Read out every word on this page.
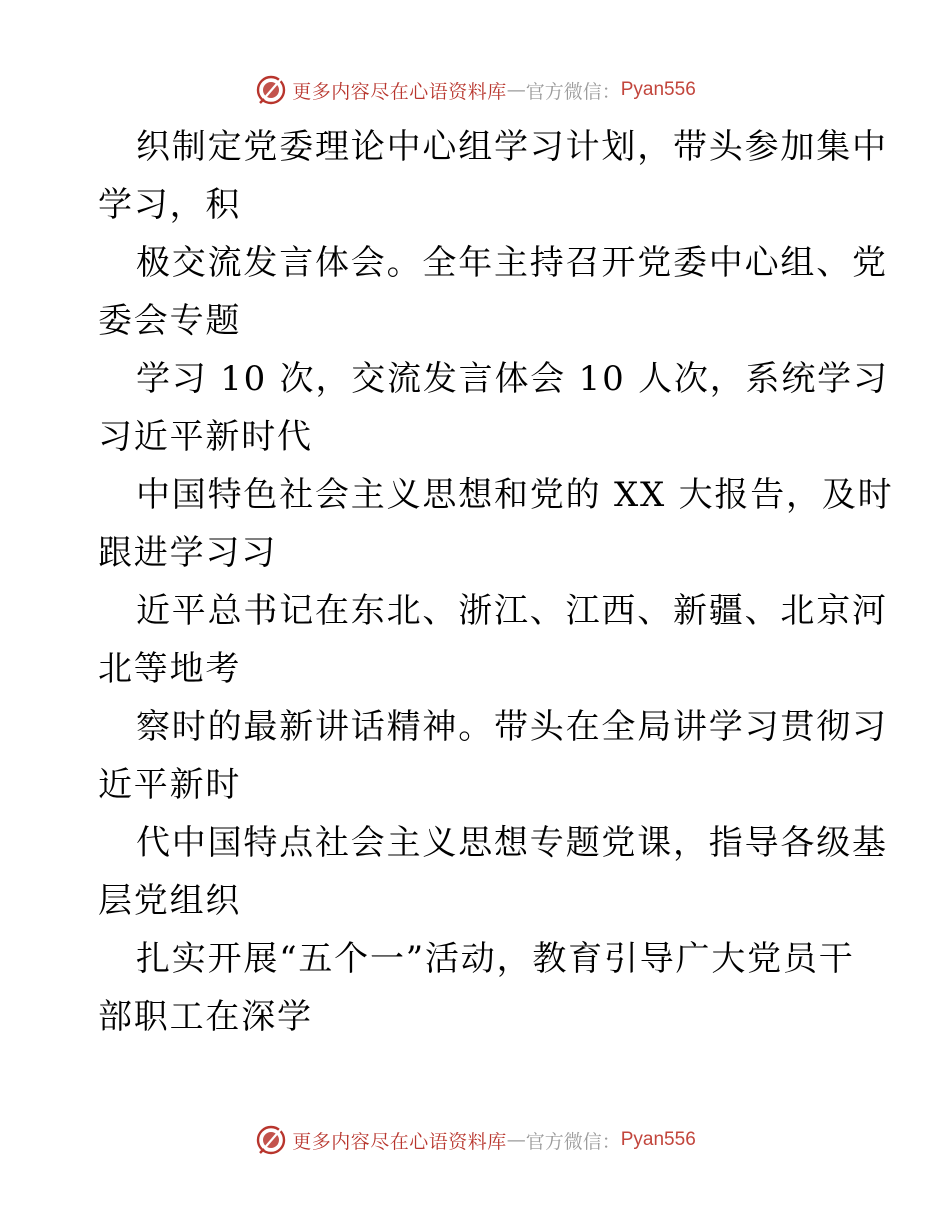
更多内容尽在心语资料库 — 官方微信： Pyan556

织制定党委理论中心组学习计划，带头参加集中

学习，积

极交流发言体会。全年主持召开党委中心组、党

委会专题

学习 10 次，交流发言体会 10 人次，系统学习

习近平新时代

中国特色社会主义思想和党的 XX 大报告，及时

跟进学习习

近平总书记在东北、浙江、江西、新疆、北京河

北等地考

察时的最新讲话精神。带头在全局讲学习贯彻习

近平新时

代中国特点社会主义思想专题党课，指导各级基

层党组织

扎实开展“五个一”活动，教育引导广大党员干

部职工在深学

更多内容尽在心语资料库 — 官方微信： Pyan556
